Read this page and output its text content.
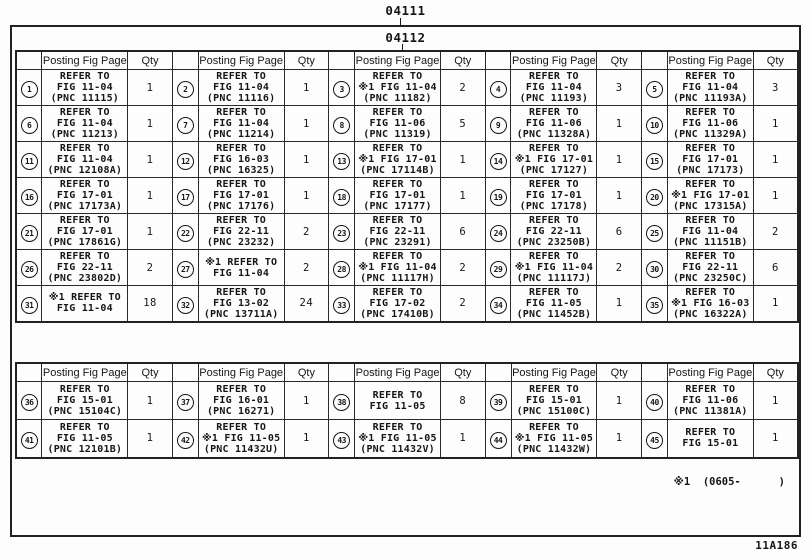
04111
04112
	Posting Fig Page	Qty		Posting Fig Page	Qty		Posting Fig Page	Qty		Posting Fig Page	Qty		Posting Fig Page	Qty
1	
REFER TO
FIG 11-04
(PNC 11115)
	1	2	
REFER TO
FIG 11-04
(PNC 11116)
	1	3	
REFER TO
※1 FIG 11-04
(PNC 11182)
	2	4	
REFER TO
FIG 11-04
(PNC 11193)
	3	5	
REFER TO
FIG 11-04
(PNC 11193A)
	3
6	
REFER TO
FIG 11-04
(PNC 11213)
	1	7	
REFER TO
FIG 11-04
(PNC 11214)
	1	8	
REFER TO
FIG 11-06
(PNC 11319)
	5	9	
REFER TO
FIG 11-06
(PNC 11328A)
	1	10	
REFER TO
FIG 11-06
(PNC 11329A)
	1
11	
REFER TO
FIG 11-04
(PNC 12108A)
	1	12	
REFER TO
FIG 16-03
(PNC 16325)
	1	13	
REFER TO
※1 FIG 17-01
(PNC 17114B)
	1	14	
REFER TO
※1 FIG 17-01
(PNC 17127)
	1	15	
REFER TO
FIG 17-01
(PNC 17173)
	1
16	
REFER TO
FIG 17-01
(PNC 17173A)
	1	17	
REFER TO
FIG 17-01
(PNC 17176)
	1	18	
REFER TO
FIG 17-01
(PNC 17177)
	1	19	
REFER TO
FIG 17-01
(PNC 17178)
	1	20	
REFER TO
※1 FIG 17-01
(PNC 17315A)
	1
21	
REFER TO
FIG 17-01
(PNC 17861G)
	1	22	
REFER TO
FIG 22-11
(PNC 23232)
	2	23	
REFER TO
FIG 22-11
(PNC 23291)
	6	24	
REFER TO
FIG 22-11
(PNC 23250B)
	6	25	
REFER TO
FIG 11-04
(PNC 11151B)
	2
26	
REFER TO
FIG 22-11
(PNC 23802D)
	2	27	
※1 REFER TO
FIG 11-04	2	28	
REFER TO
※1 FIG 11-04
(PNC 11117H)
	2	29	
REFER TO
※1 FIG 11-04
(PNC 11117J)
	2	30	
REFER TO
FIG 22-11
(PNC 23250C)
	6
31	
※1 REFER TO
FIG 11-04	18	32	
REFER TO
FIG 13-02
(PNC 13711A)
	24	33	
REFER TO
FIG 17-02
(PNC 17410B)
	2	34	
REFER TO
FIG 11-05
(PNC 11452B)
	1	35	
REFER TO
※1 FIG 16-03
(PNC 16322A)
	1
	Posting Fig Page	Qty		Posting Fig Page	Qty		Posting Fig Page	Qty		Posting Fig Page	Qty		Posting Fig Page	Qty
36	
REFER TO
FIG 15-01
(PNC 15104C)
	1	37	
REFER TO
FIG 16-01
(PNC 16271)
	1	38	
REFER TO
FIG 11-05	8	39	
REFER TO
FIG 15-01
(PNC 15100C)
	1	40	
REFER TO
FIG 11-06
(PNC 11381A)
	1
41	
REFER TO
FIG 11-05
(PNC 12101B)
	1	42	
REFER TO
※1 FIG 11-05
(PNC 11432U)
	1	43	
REFER TO
※1 FIG 11-05
(PNC 11432V)
	1	44	
REFER TO
※1 FIG 11-05
(PNC 11432W)
	1	45	
REFER TO
FIG 15-01	1
※1  (0605-      )
11A186
